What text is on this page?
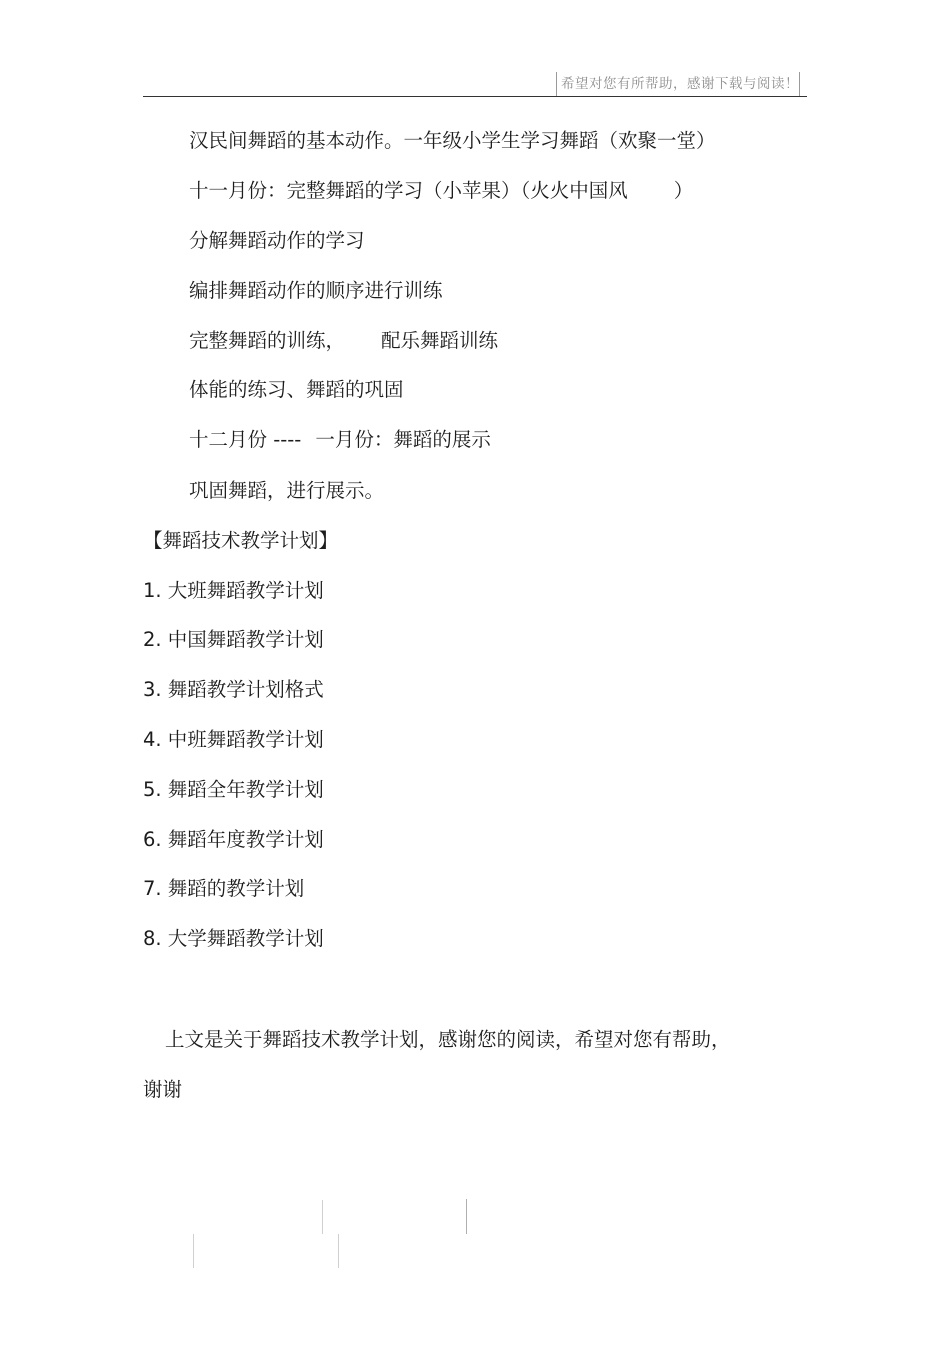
希望对您有所帮助，感谢下载与阅读！
汉民间舞蹈的基本动作。一年级小学生学习舞蹈（欢聚一堂）
十一月份：完整舞蹈的学习（小苹果）（火火中国风 ）
分解舞蹈动作的学习
编排舞蹈动作的顺序进行训练
完整舞蹈的训练， 配乐舞蹈训练
体能的练习、舞蹈的巩固
十二月份 ---- 一月份：舞蹈的展示
巩固舞蹈，进行展示。
【舞蹈技术教学计划】
1. 大班舞蹈教学计划
2. 中国舞蹈教学计划
3. 舞蹈教学计划格式
4. 中班舞蹈教学计划
5. 舞蹈全年教学计划
6. 舞蹈年度教学计划
7. 舞蹈的教学计划
8. 大学舞蹈教学计划
上文是关于舞蹈技术教学计划，感谢您的阅读，希望对您有帮助，
谢谢
